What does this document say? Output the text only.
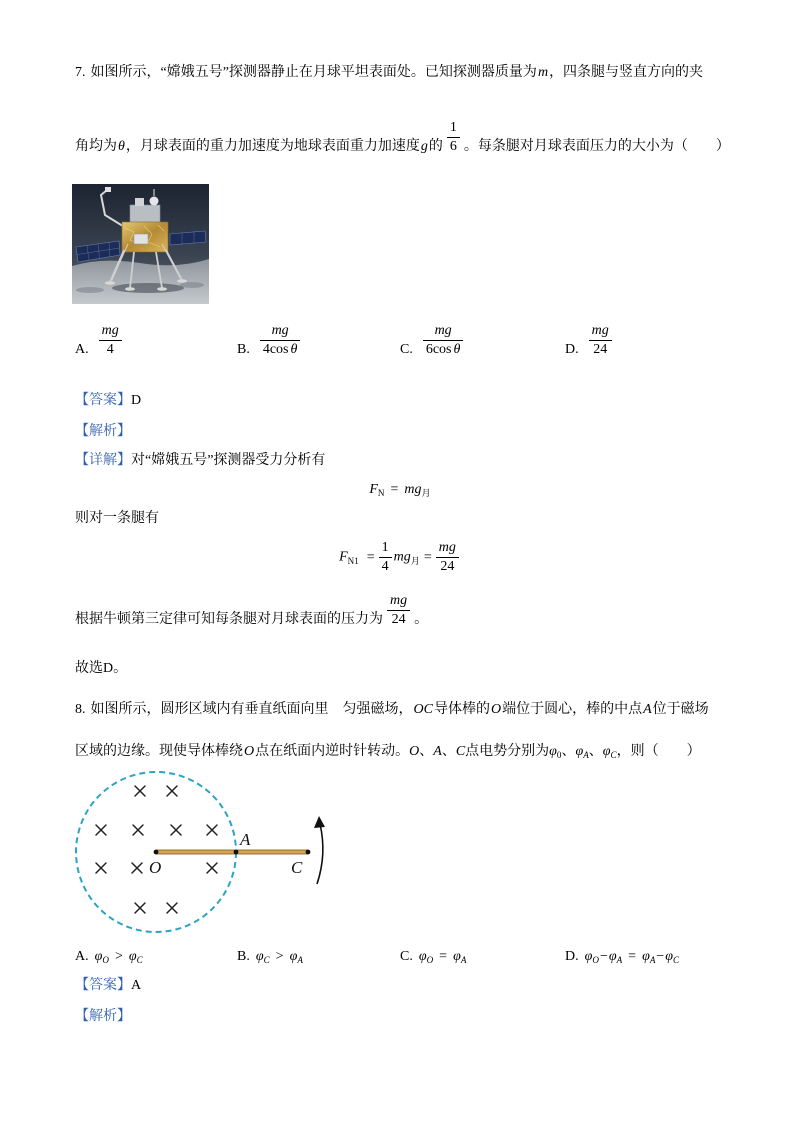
7. 如图所示，“嫦娥五号”探测器静止在月球平坦表面处。已知探测器质量为m，四条腿与竖直方向的夹
角均为θ，月球表面的重力加速度为地球表面重力加速度g的 $\frac{1}{6}$ 。每条腿对月球表面压力的大小为（　　）
A. $\frac{mg}{4}$	B. $\frac{mg}{\text{4cos θ}}$	C. $\frac{mg}{\text{6cos θ}}$	D. $\frac{mg}{24}$
【答案】D
【解析】
【详解】对“嫦娥五号”探测器受力分析有
$F_N = mg_月$
则对一条腿有
$F_{N1} = \frac{1}{4} mg_月 = \frac{mg}{24}$
根据牛顿第三定律可知每条腿对月球表面的压力为 $\frac{mg}{24}$ 。
故选D。
8. 如图所示，圆形区域内有垂直纸面向里　匀强磁场，OC导体棒的O端位于圆心，棒的中点A位于磁场
区域的边缘。现使导体棒绕O点在纸面内逆时针转动。O、A、C点电势分别为$\varphi_0$、$\varphi_A$、$\varphi_C$，则（　　）
O
A
C
A. $\varphi_O > \varphi_C$	B. $\varphi_C > \varphi_A$	C. $\varphi_O = \varphi_A$	D. $\varphi_O-\varphi_A = \varphi_A-\varphi_C$
【答案】A
【解析】
